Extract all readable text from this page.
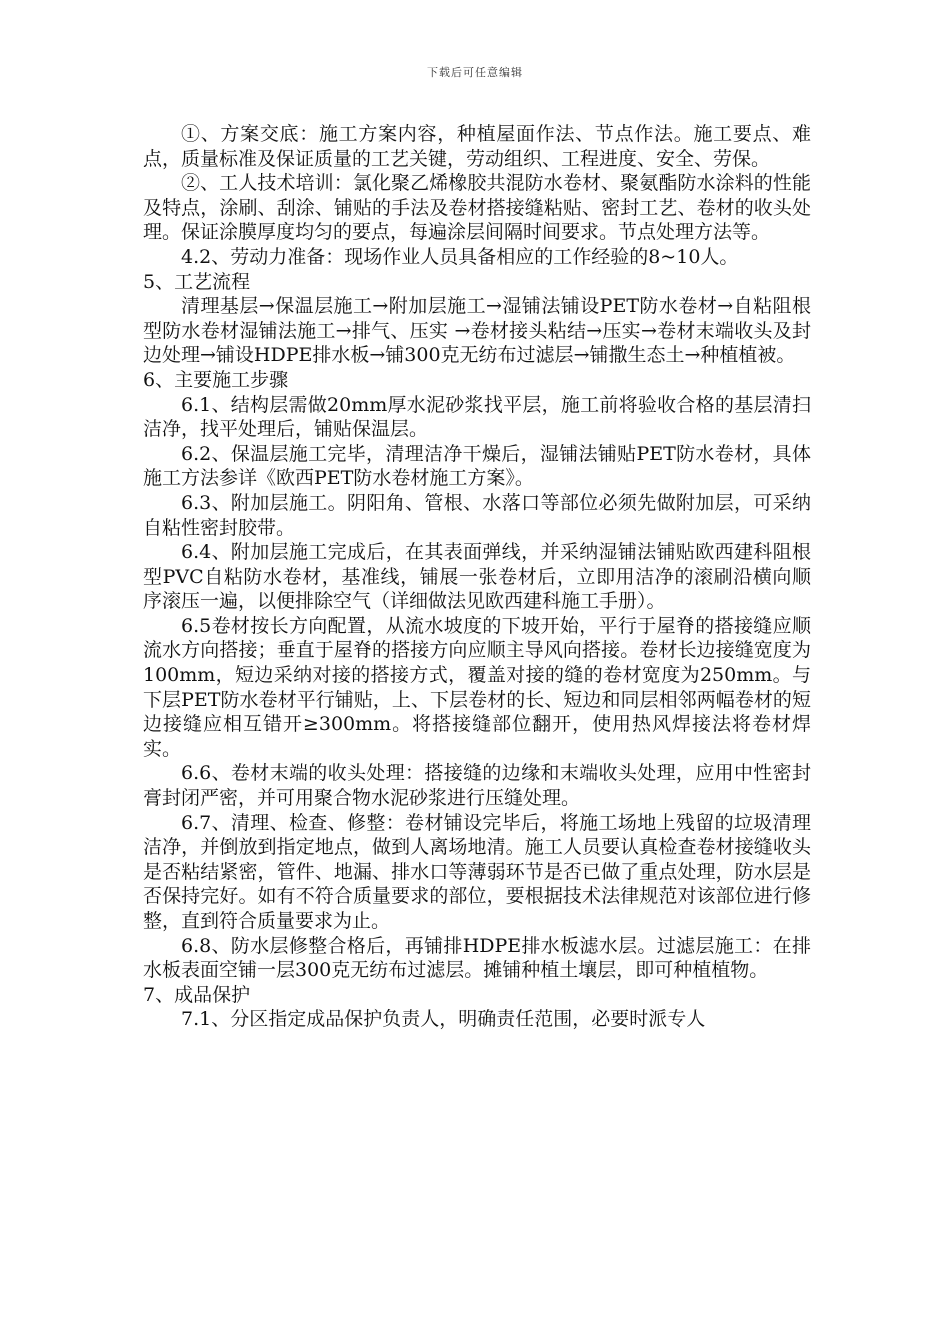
下载后可任意编辑

①、方案交底：施工方案内容，种植屋面作法、节点作法。施工要点、难点，质量标准及保证质量的工艺关键，劳动组织、工程进度、安全、劳保。

②、工人技术培训：氯化聚乙烯橡胶共混防水卷材、聚氨酯防水涂料的性能及特点，涂刷、刮涂、铺贴的手法及卷材搭接缝粘贴、密封工艺、卷材的收头处理。保证涂膜厚度均匀的要点，每遍涂层间隔时间要求。节点处理方法等。

4.2、劳动力准备：现场作业人员具备相应的工作经验的8~10人。

5、工艺流程

清理基层→保温层施工→附加层施工→湿铺法铺设PET防水卷材→自粘阻根型防水卷材湿铺法施工→排气、压实 →卷材接头粘结→压实→卷材末端收头及封边处理→铺设HDPE排水板→铺300克无纺布过滤层→铺撒生态土→种植植被。

6、主要施工步骤

6.1、结构层需做20mm厚水泥砂浆找平层，施工前将验收合格的基层清扫洁净，找平处理后，铺贴保温层。

6.2、保温层施工完毕，清理洁净干燥后，湿铺法铺贴PET防水卷材，具体施工方法参详《欧西PET防水卷材施工方案》。

6.3、附加层施工。阴阳角、管根、水落口等部位必须先做附加层，可采纳自粘性密封胶带。

6.4、附加层施工完成后，在其表面弹线，并采纳湿铺法铺贴欧西建科阻根型PVC自粘防水卷材，基准线，铺展一张卷材后，立即用洁净的滚刷沿横向顺序滚压一遍，以便排除空气（详细做法见欧西建科施工手册）。

6.5卷材按长方向配置，从流水坡度的下坡开始，平行于屋脊的搭接缝应顺流水方向搭接；垂直于屋脊的搭接方向应顺主导风向搭接。卷材长边接缝宽度为100mm，短边采纳对接的搭接方式，覆盖对接的缝的卷材宽度为250mm。与下层PET防水卷材平行铺贴，上、下层卷材的长、短边和同层相邻两幅卷材的短边接缝应相互错开≥300mm。将搭接缝部位翻开，使用热风焊接法将卷材焊实。

6.6、卷材末端的收头处理：搭接缝的边缘和末端收头处理，应用中性密封膏封闭严密，并可用聚合物水泥砂浆进行压缝处理。

6.7、清理、检查、修整：卷材铺设完毕后，将施工场地上残留的垃圾清理洁净，并倒放到指定地点，做到人离场地清。施工人员要认真检查卷材接缝收头是否粘结紧密，管件、地漏、排水口等薄弱环节是否已做了重点处理，防水层是否保持完好。如有不符合质量要求的部位，要根据技术法律规范对该部位进行修整，直到符合质量要求为止。

6.8、防水层修整合格后，再铺排HDPE排水板滤水层。过滤层施工：在排水板表面空铺一层300克无纺布过滤层。摊铺种植土壤层，即可种植植物。

7、成品保护

7.1、分区指定成品保护负责人，明确责任范围，必要时派专人
